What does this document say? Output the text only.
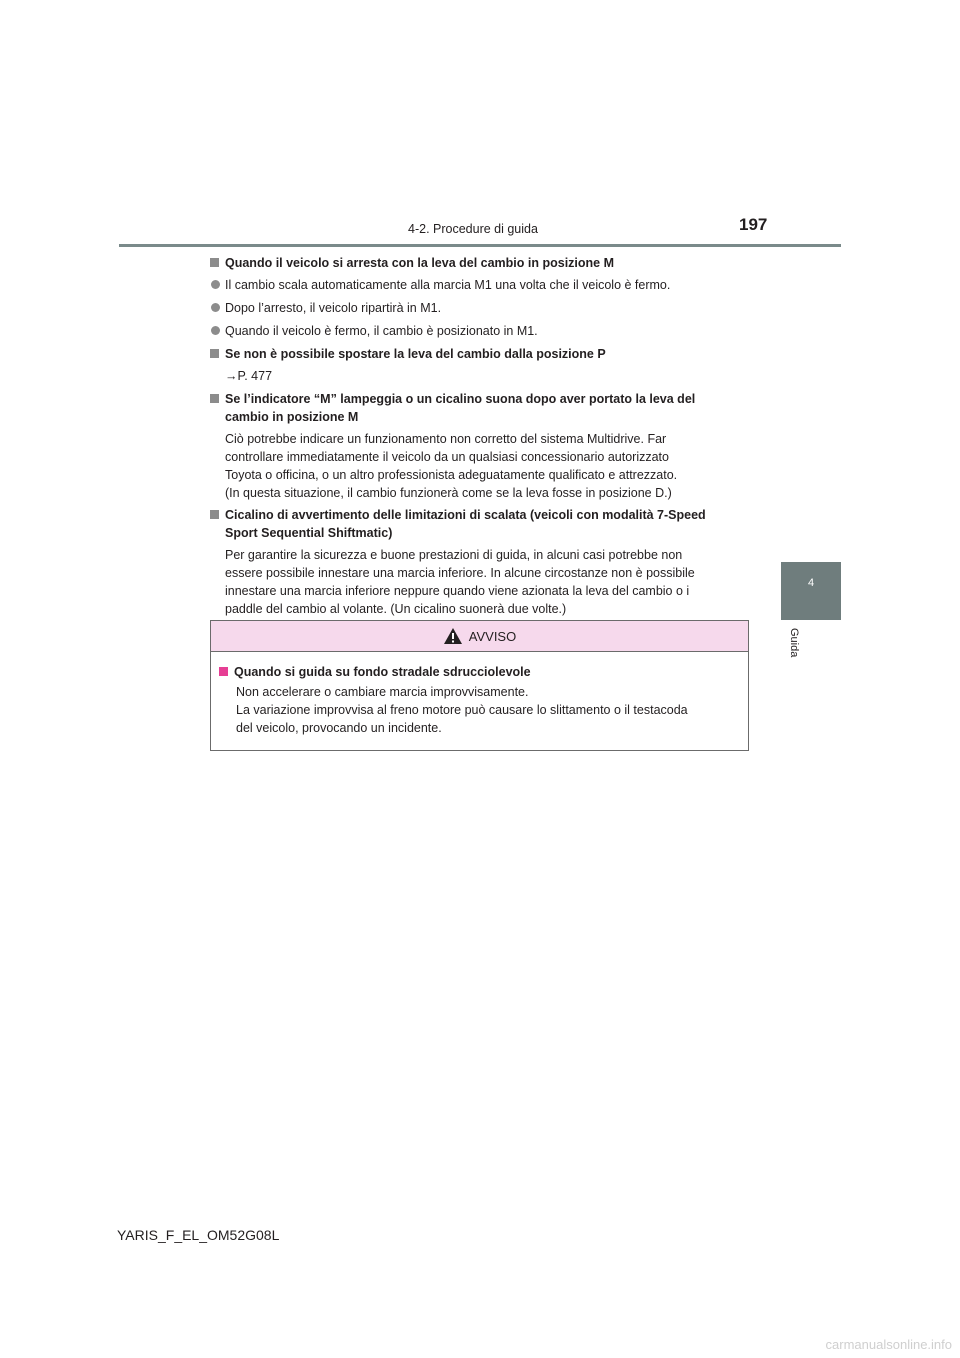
4-2. Procedure di guida	197
4
Guida
Quando il veicolo si arresta con la leva del cambio in posizione M
Il cambio scala automaticamente alla marcia M1 una volta che il veicolo è fermo.
Dopo l’arresto, il veicolo ripartirà in M1.
Quando il veicolo è fermo, il cambio è posizionato in M1.
Se non è possibile spostare la leva del cambio dalla posizione P
→P. 477
Se l’indicatore “M” lampeggia o un cicalino suona dopo aver portato la leva del
cambio in posizione M
Ciò potrebbe indicare un funzionamento non corretto del sistema Multidrive. Far
controllare immediatamente il veicolo da un qualsiasi concessionario autorizzato
Toyota o officina, o un altro professionista adeguatamente qualificato e attrezzato.
(In questa situazione, il cambio funzionerà come se la leva fosse in posizione D.)
Cicalino di avvertimento delle limitazioni di scalata (veicoli con modalità 7-Speed
Sport Sequential Shiftmatic)
Per garantire la sicurezza e buone prestazioni di guida, in alcuni casi potrebbe non
essere possibile innestare una marcia inferiore. In alcune circostanze non è possibile
innestare una marcia inferiore neppure quando viene azionata la leva del cambio o i
paddle del cambio al volante. (Un cicalino suonerà due volte.)
AVVISO
Quando si guida su fondo stradale sdrucciolevole
Non accelerare o cambiare marcia improvvisamente.
La variazione improvvisa al freno motore può causare lo slittamento o il testacoda
del veicolo, provocando un incidente.
YARIS_F_EL_OM52G08L
carmanualsonline.info
